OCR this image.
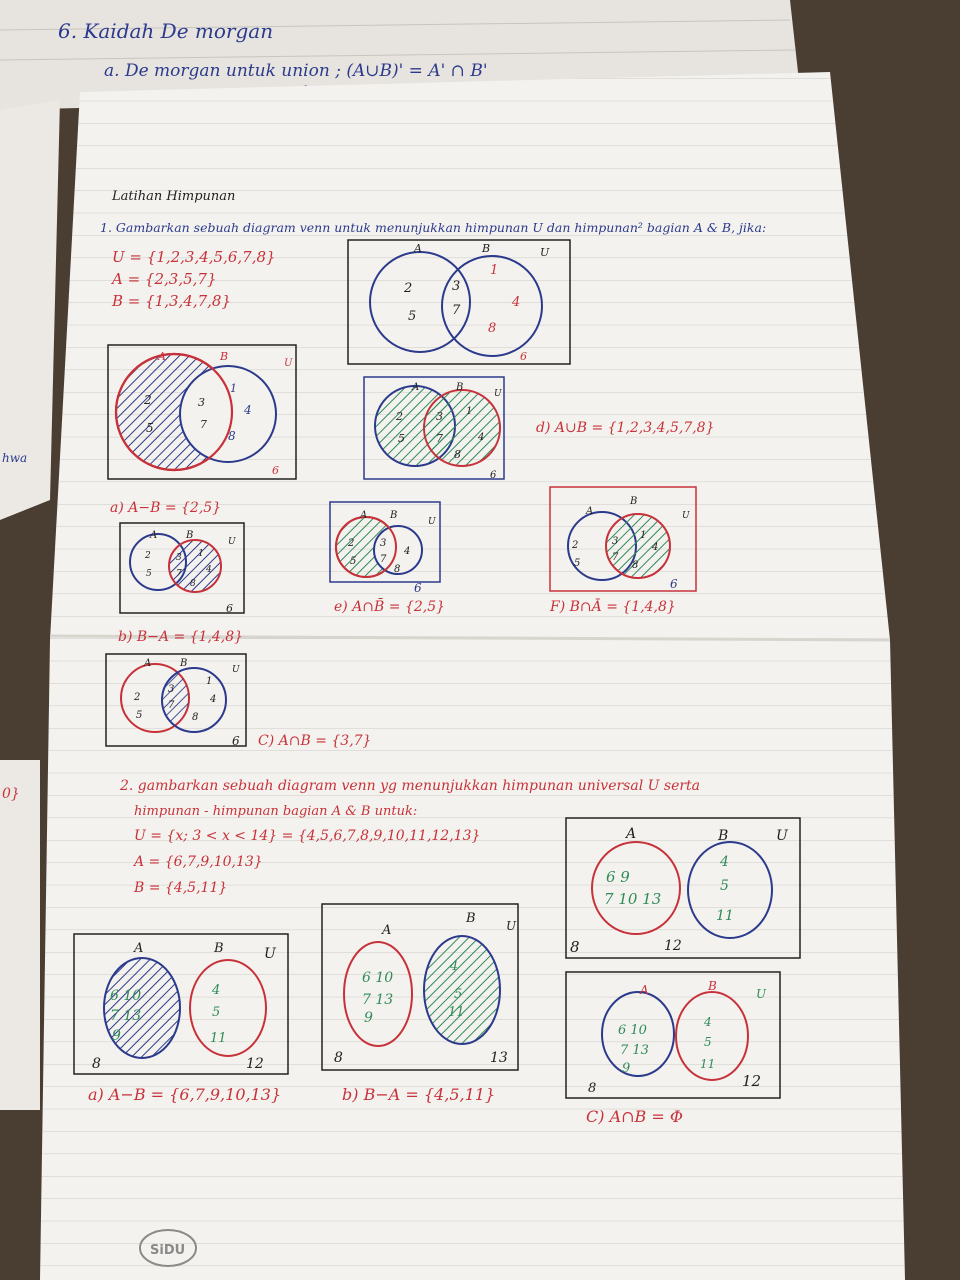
6. Kaidah De morgan
a. De morgan untuk union ; (A∪B)' = A' ∩ B'
hwa
0}
Latihan Himpunan
1. Gambarkan sebuah diagram venn untuk menunjukkan himpunan U dan himpunan² bagian A & B, jika:
U = {1,2,3,4,5,6,7,8}
A = {2,3,5,7}
B = {1,3,4,7,8}
A	B	U
2
5
3
7
1
4
8
6
A	B
U
2
5
3
7
1
4
8
6
A	B
U
2
5
3
7
1
4
8
6
d) A∪B = {1,2,3,4,5,7,8}
a) A−B = {2,5}
A	B
U
2
5
3
7
1
4
8
6
A B
U
2
5
3
7
4
8
6
e) A∩B̄ = {2,5}
A
B
U
2
5
3
7
1
4
8
6
F) B∩Ā = {1,4,8}
b) B−A = {1,4,8}
A	B
U
2
5
3
7
1
4
8
6 C) A∩B = {3,7}
2. gambarkan sebuah diagram venn yg menunjukkan himpunan universal U serta
himpunan - himpunan bagian A & B untuk:
U = {x; 3 < x < 14} = {4,5,6,7,8,9,10,11,12,13}
A = {6,7,9,10,13}
B = {4,5,11}
A	B	U
6 9
7 10 13
4
5
11
8	12
A	B	U
6 10
7 13
9
4
5
11
8	12
a) A−B = {6,7,9,10,13}
A
B	U
6 10
7 13
9
4
5
11
8	13
b) B−A = {4,5,11}
A	B
U
6 10
7 13
9
4
5
11
8	12
C) A∩B = Φ
SiDU
